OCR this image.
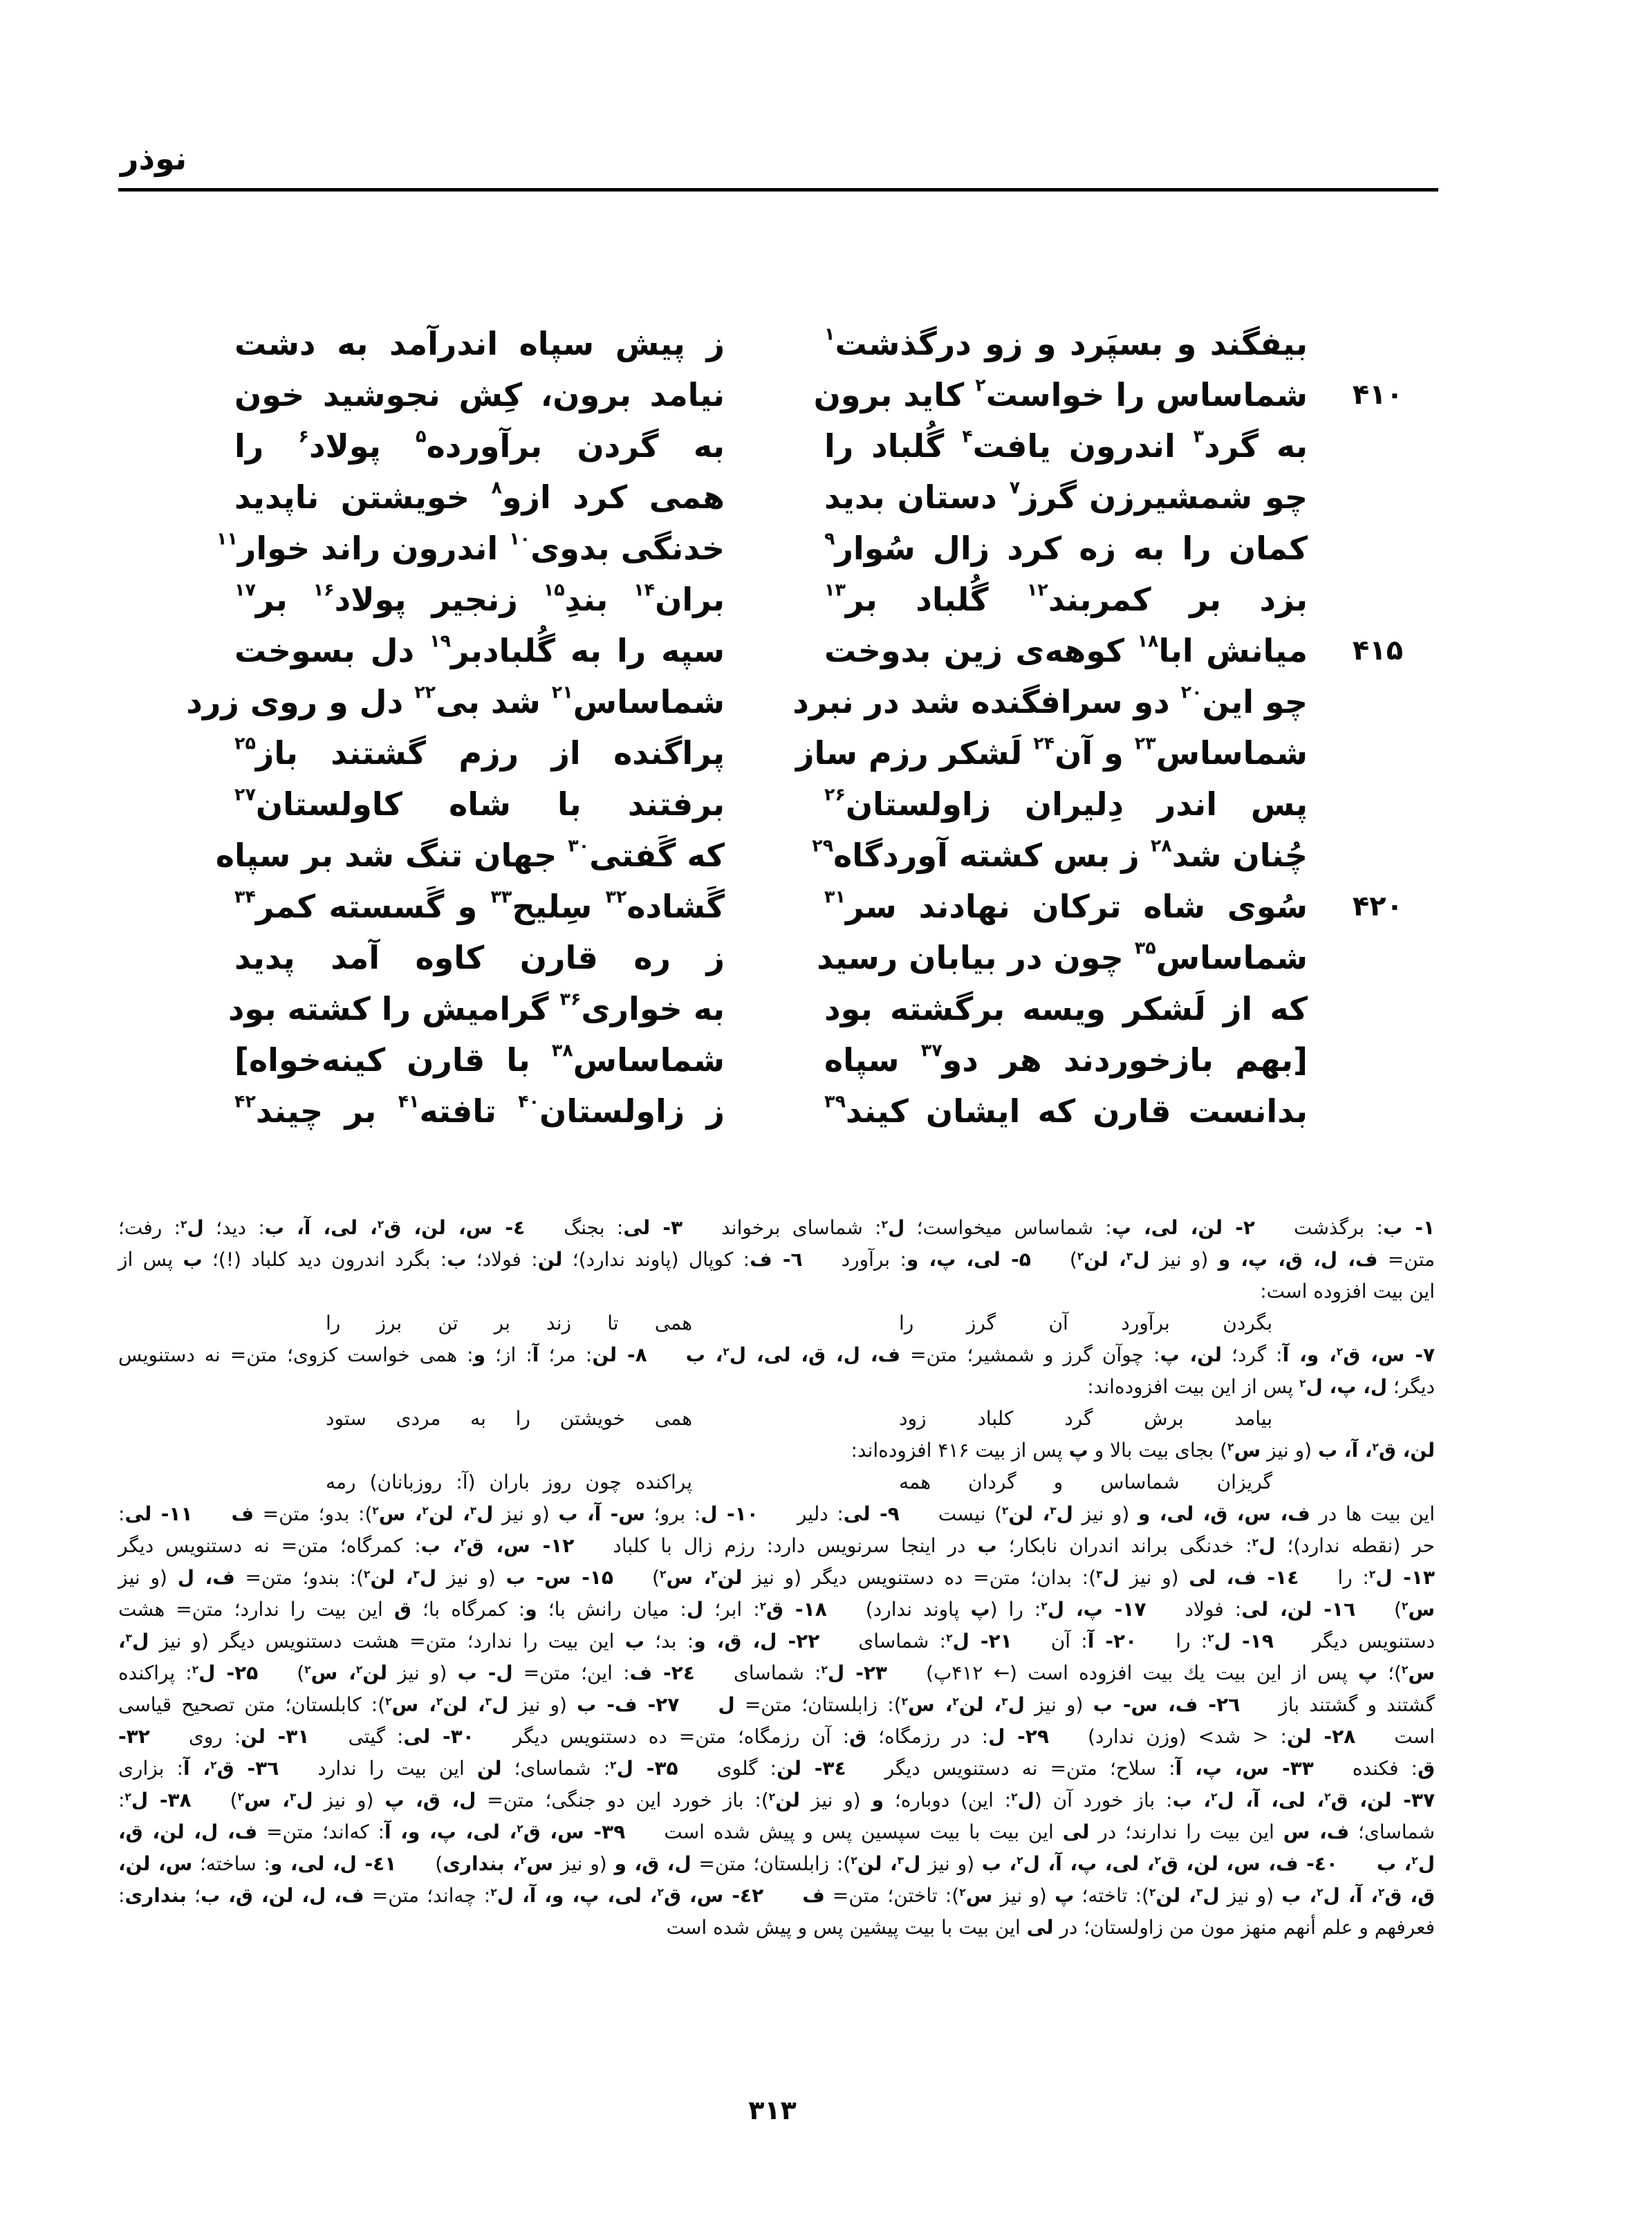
نوذر
بیفگند و بسپَرد و زو درگذشت$^۱$
ز پیش سپاه اندرآمد به دشت
۴۱۰
شماساس را خواست$^۲$ کاید برون
نیامد برون، کِش نجوشید خون
به گرد$^۳$ اندرون یافت$^۴$ گُلباد را
به گردن برآورده$^۵$ پولاد$^۶$ را
چو شمشیرزن گرز$^۷$ دستان بدید
همی کرد ازو$^۸$ خویشتن ناپدید
کمان را به زه کرد زال سُوار$^۹$
خدنگی بدوی$^{۱۰}$ اندرون راند خوار$^{۱۱}$
بزد بر کمربند$^{۱۲}$ گُلباد بر$^{۱۳}$
بران$^{۱۴}$ بندِ$^{۱۵}$ زنجیر پولاد$^{۱۶}$ بر$^{۱۷}$
۴۱۵
میانش ابا$^{۱۸}$ کوهه‌ی زین بدوخت
سپه را به گُلبادبر$^{۱۹}$ دل بسوخت
چو این$^{۲۰}$ دو سرافگنده شد در نبرد
شماساس$^{۲۱}$ شد بی$^{۲۲}$ دل و روی زرد
شماساس$^{۲۳}$ و آن$^{۲۴}$ لَشکر رزم ساز
پراگنده از رزم گشتند باز$^{۲۵}$
پس اندر دِلیران زاولستان$^{۲۶}$
برفتند با شاه کاولستان$^{۲۷}$
چُنان شد$^{۲۸}$ ز بس کشته آوردگاه$^{۲۹}$
که گَفتی$^{۳۰}$ جهان تنگ شد بر سپاه
۴۲۰
سُوی شاه ترکان نهادند سر$^{۳۱}$
گَشاده$^{۳۲}$ سِلیح$^{۳۳}$ و گَسسته کمر$^{۳۴}$
شماساس$^{۳۵}$ چون در بیابان رسید
ز ره قارن کاوه آمد پدید
که از لَشکر ویسه برگشته بود
به خواری$^{۳۶}$ گرامیش را کشته بود
[بهم بازخوردند هر دو$^{۳۷}$ سپاه
شماساس$^{۳۸}$ با قارن کینه‌خواه]
بدانست قارن که ایشان کیند$^{۳۹}$
ز زاولستان$^{۴۰}$ تافته$^{۴۱}$ بر چیند$^{۴۲}$
۱- ب: برگذشت  ۲- لن، لی، پ: شماساس میخواست؛ ل$^۲$: شماسای برخواند  ۳- لی: بجنگ  ٤- س، لن، ق$^۲$، لی، آ، ب: دید؛ ل$^۲$: رفت؛
متن= ف، ل، ق، پ، و (و نیز ل$^۳$، لن$^۲$)  ۵- لی، پ، و: برآورد  ٦- ف: کوپال (پاوند ندارد)؛ لن: فولاد؛ ب: بگرد اندرون دید کلباد (!)؛ ب پس از
این بیت افزوده است:
بگردن برآورد آن گرز را
همی تا زند بر تن برز را
۷- س، ق$^۲$، و، آ: گرد؛ لن، پ: چوآن گرز و شمشیر؛ متن= ف، ل، ق، لی، ل$^۲$، ب  ۸- لن: مر؛ آ: از؛ و: همی خواست کزوی؛ متن= نه دستنویس
دیگر؛ ل، پ، ل$^۲$ پس از این بیت افزوده‌اند:
بیامد برش گرد کلباد زود
همی خویشتن را به مردی ستود
لن، ق$^۲$، آ، ب (و نیز س$^۲$) بجای بیت بالا و پ پس از بیت ۴۱۶ افزوده‌اند:
گریزان شماساس و گردان همه
پراکنده چون روز باران (آ: روزبانان) رمه
این بیت ها در ف، س، ق، لی، و (و نیز ل$^۳$، لن$^۲$) نیست  ۹- لی: دلیر  ۱۰- ل: برو؛ س- آ، ب (و نیز ل$^۳$، لن$^۲$، س$^۲$): بدو؛ متن= ف  ۱۱- لی:
حر (نقطه ندارد)؛ ل$^۲$: خدنگی براند اندران نابکار؛ ب در اینجا سرنویس دارد: رزم زال با کلباد  ۱۲- س، ق$^۲$، ب: کمرگاه؛ متن= نه دستنویس دیگر
۱۳- ل$^۲$: را  ۱٤- ف، لی (و نیز ل$^۳$): بدان؛ متن= ده دستنویس دیگر (و نیز لن$^۲$، س$^۲$)  ۱۵- س- ب (و نیز ل$^۳$، لن$^۲$): بندو؛ متن= ف، ل (و نیز
س$^۲$)  ۱٦- لن، لی: فولاد  ۱۷- پ، ل$^۲$: را (پ پاوند ندارد)  ۱۸- ق$^۲$: ابر؛ ل: میان رانش با؛ و: کمرگاه با؛ ق این بیت را ندارد؛ متن= هشت
دستنویس دیگر  ۱۹- ل$^۲$: را  ۲۰- آ: آن  ۲۱- ل$^۲$: شماسای  ۲۲- ل، ق، و: بد؛ ب این بیت را ندارد؛ متن= هشت دستنویس دیگر (و نیز ل$^۳$،
س$^۲$)؛ پ پس از این بیت یك بیت افزوده است (← ۴۱۲پ)  ۲۳- ل$^۲$: شماسای  ۲٤- ف: این؛ متن= ل- ب (و نیز لن$^۲$، س$^۲$)  ۲۵- ل$^۲$: پراکنده
گشتند و گشتند باز  ۲٦- ف، س- ب (و نیز ل$^۳$، لن$^۲$، س$^۲$): زابلستان؛ متن= ل  ۲۷- ف- ب (و نیز ل$^۳$، لن$^۲$، س$^۲$): کابلستان؛ متن تصحیح قیاسی
است  ۲۸- لن: < شد> (وزن ندارد)  ۲۹- ل: در رزمگاه؛ ق: آن رزمگاه؛ متن= ده دستنویس دیگر  ۳۰- لی: گیتی  ۳۱- لن: روی  ۳۲-
ق: فکنده  ۳۳- س، پ، آ: سلاح؛ متن= نه دستنویس دیگر  ۳٤- لن: گلوی  ۳۵- ل$^۲$: شماسای؛ لن این بیت را ندارد  ۳٦- ق$^۲$، آ: بزاری
۳۷- لن، ق$^۲$، لی، آ، ل$^۲$، ب: باز خورد آن (ل$^۲$: این) دوباره؛ و (و نیز لن$^۲$): باز خورد این دو جنگی؛ متن= ل، ق، پ (و نیز ل$^۳$، س$^۲$)  ۳۸- ل$^۲$:
شماسای؛ ف، س این بیت را ندارند؛ در لی این بیت با بیت سپسین پس و پیش شده است  ۳۹- س، ق$^۲$، لی، پ، و، آ: که‌اند؛ متن= ف، ل، لن، ق،
ل$^۲$، ب  ٤۰- ف، س، لن، ق$^۲$، لی، پ، آ، ل$^۲$، ب (و نیز ل$^۳$، لن$^۲$): زابلستان؛ متن= ل، ق، و (و نیز س$^۲$، بنداری)  ٤۱- ل، لی، و: ساخته؛ س، لن،
ق، ق$^۲$، آ، ل$^۲$، ب (و نیز ل$^۳$، لن$^۲$): تاخته؛ پ (و نیز س$^۲$): تاختن؛ متن= ف  ٤۲- س، ق$^۲$، لی، پ، و، آ، ل$^۲$: چه‌اند؛ متن= ف، ل، لن، ق، ب؛ بنداری:
فعرفهم و علم أنهم منهز مون من زاولستان؛ در لی این بیت با بیت پیشین پس و پیش شده است
۳۱۳
